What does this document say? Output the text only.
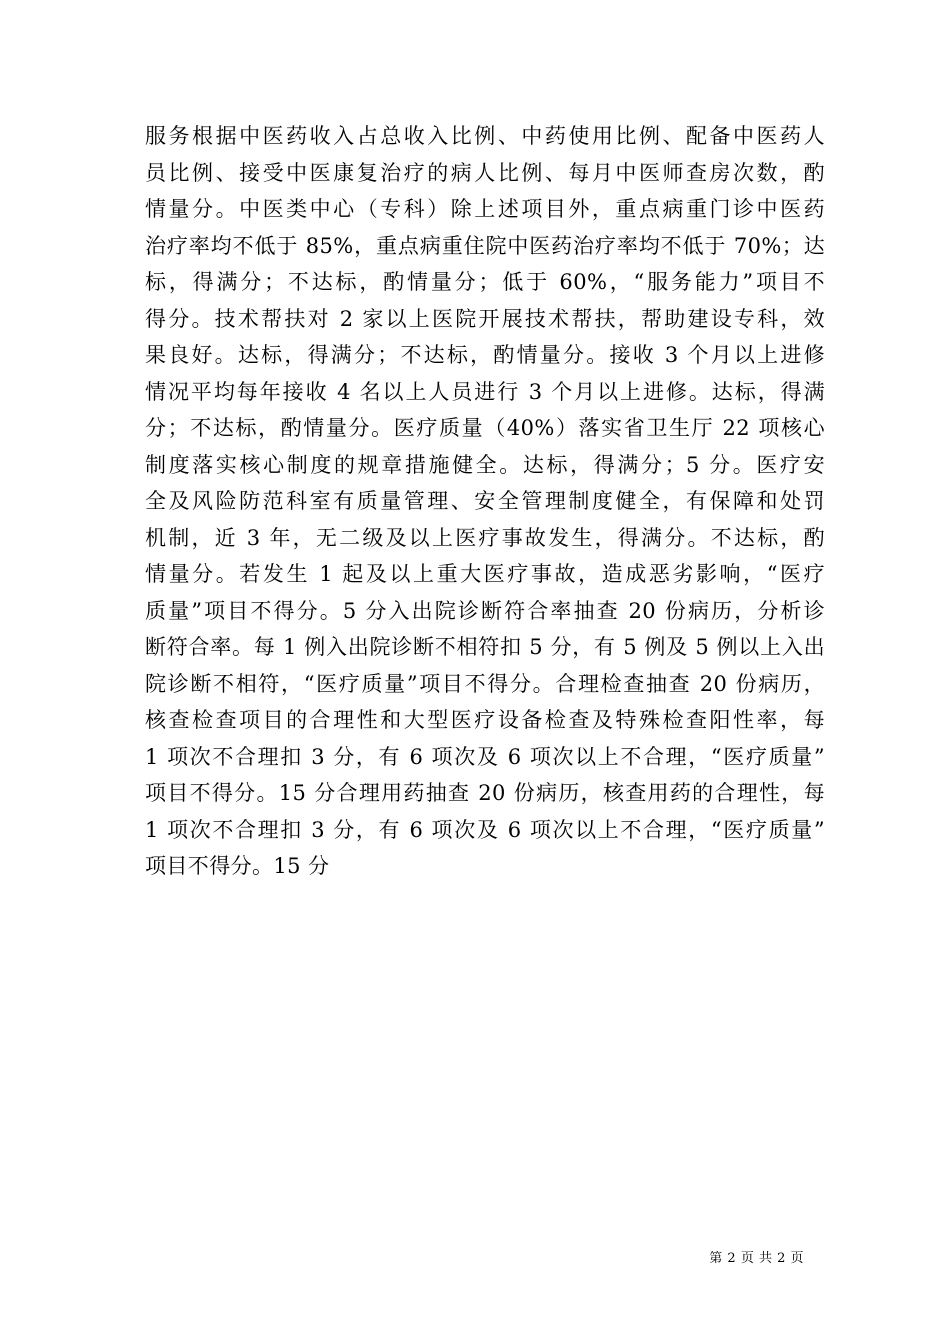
服务根据中医药收入占总收入比例、中药使用比例、配备中医药人
员比例、接受中医康复治疗的病人比例、每月中医师查房次数，酌
情量分。中医类中心（专科）除上述项目外，重点病重门诊中医药
治疗率均不低于 85%，重点病重住院中医药治疗率均不低于 70%；达
标，得满分；不达标，酌情量分；低于 60%，“服务能力”项目不
得分。技术帮扶对 2 家以上医院开展技术帮扶，帮助建设专科，效
果良好。达标，得满分；不达标，酌情量分。接收 3 个月以上进修
情况平均每年接收 4 名以上人员进行 3 个月以上进修。达标，得满
分；不达标，酌情量分。医疗质量（40%）落实省卫生厅 22 项核心
制度落实核心制度的规章措施健全。达标，得满分；5 分。医疗安
全及风险防范科室有质量管理、安全管理制度健全，有保障和处罚
机制，近 3 年，无二级及以上医疗事故发生，得满分。不达标，酌
情量分。若发生 1 起及以上重大医疗事故，造成恶劣影响，“医疗
质量”项目不得分。5 分入出院诊断符合率抽查 20 份病历，分析诊
断符合率。每 1 例入出院诊断不相符扣 5 分，有 5 例及 5 例以上入出
院诊断不相符，“医疗质量”项目不得分。合理检查抽查 20 份病历，
核查检查项目的合理性和大型医疗设备检查及特殊检查阳性率，每
1 项次不合理扣 3 分，有 6 项次及 6 项次以上不合理，“医疗质量”
项目不得分。15 分合理用药抽查 20 份病历，核查用药的合理性，每
1 项次不合理扣 3 分，有 6 项次及 6 项次以上不合理，“医疗质量”
项目不得分。15 分
第 2 页 共 2 页
